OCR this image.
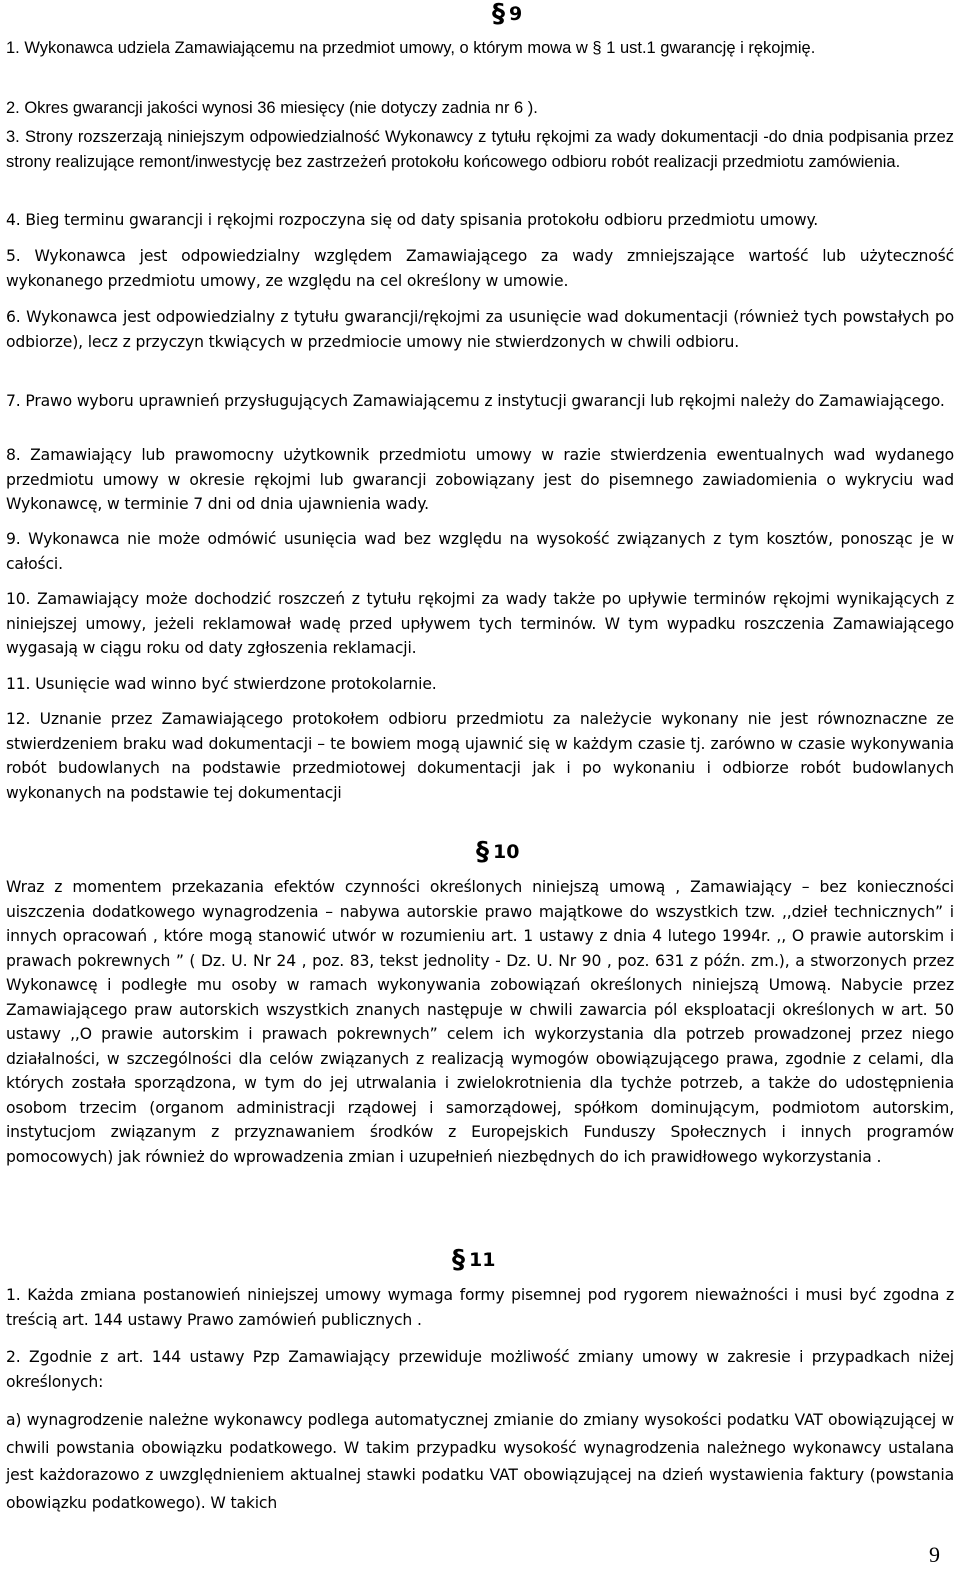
§ 9
1. Wykonawca udziela Zamawiającemu na przedmiot umowy, o którym mowa w § 1 ust.1 gwarancję i rękojmię.
2. Okres gwarancji jakości wynosi 36 miesięcy (nie dotyczy zadnia nr 6 ).
3. Strony rozszerzają niniejszym odpowiedzialność Wykonawcy z tytułu rękojmi za wady dokumentacji -do dnia podpisania przez strony realizujące remont/inwestycję bez zastrzeżeń protokołu końcowego odbioru robót realizacji przedmiotu zamówienia.
4. Bieg terminu gwarancji i rękojmi rozpoczyna się od daty spisania protokołu odbioru przedmiotu umowy.
5. Wykonawca jest odpowiedzialny względem Zamawiającego za wady zmniejszające wartość lub użyteczność wykonanego przedmiotu umowy, ze względu na cel określony w umowie.
6. Wykonawca jest odpowiedzialny z tytułu gwarancji/rękojmi za usunięcie wad dokumentacji (również tych powstałych po odbiorze), lecz z przyczyn tkwiących w przedmiocie umowy nie stwierdzonych w chwili odbioru.
7. Prawo wyboru uprawnień przysługujących Zamawiającemu z instytucji gwarancji lub rękojmi należy do Zamawiającego.
8. Zamawiający lub prawomocny użytkownik przedmiotu umowy w razie stwierdzenia ewentualnych wad wydanego przedmiotu umowy w okresie rękojmi lub gwarancji zobowiązany jest do pisemnego zawiadomienia o wykryciu wad Wykonawcę, w terminie 7 dni od dnia ujawnienia wady.
9. Wykonawca nie może odmówić usunięcia wad bez względu na wysokość związanych z tym kosztów, ponosząc je w całości.
10. Zamawiający może dochodzić roszczeń z tytułu rękojmi za wady także po upływie terminów rękojmi wynikających z niniejszej umowy, jeżeli reklamował wadę przed upływem tych terminów. W tym wypadku roszczenia Zamawiającego wygasają w ciągu roku od daty zgłoszenia reklamacji.
11. Usunięcie wad winno być stwierdzone protokolarnie.
12. Uznanie przez Zamawiającego protokołem odbioru przedmiotu za należycie wykonany nie jest równoznaczne ze stwierdzeniem braku wad dokumentacji – te bowiem mogą ujawnić się w każdym czasie tj. zarówno w czasie wykonywania robót budowlanych na podstawie przedmiotowej dokumentacji jak i po wykonaniu i odbiorze robót budowlanych wykonanych na podstawie tej dokumentacji
§ 10
Wraz z momentem przekazania efektów czynności określonych niniejszą umową , Zamawiający – bez konieczności uiszczenia dodatkowego wynagrodzenia – nabywa autorskie prawo majątkowe do wszystkich tzw. ,,dzieł technicznych” i innych opracowań , które mogą stanowić utwór w rozumieniu art. 1 ustawy z dnia 4 lutego 1994r. ,, O prawie autorskim i prawach pokrewnych ” ( Dz. U. Nr 24 , poz. 83, tekst jednolity - Dz. U. Nr 90 , poz. 631 z późn. zm.), a stworzonych przez Wykonawcę i podległe mu osoby w ramach wykonywania zobowiązań określonych niniejszą Umową. Nabycie przez Zamawiającego praw autorskich wszystkich znanych następuje w chwili zawarcia pól eksploatacji określonych w art. 50 ustawy ,,O prawie autorskim i prawach pokrewnych” celem ich wykorzystania dla potrzeb prowadzonej przez niego działalności, w szczególności dla celów związanych z realizacją wymogów obowiązującego prawa, zgodnie z celami, dla których została sporządzona, w tym do jej utrwalania i zwielokrotnienia dla tychże potrzeb, a także do udostępnienia osobom trzecim (organom administracji rządowej i samorządowej, spółkom dominującym, podmiotom autorskim, instytucjom związanym z przyznawaniem środków z Europejskich Funduszy Społecznych i innych programów pomocowych) jak również do wprowadzenia zmian i uzupełnień niezbędnych do ich prawidłowego wykorzystania .
§ 11
1. Każda zmiana postanowień niniejszej umowy wymaga formy pisemnej pod rygorem nieważności i musi być zgodna z treścią art. 144 ustawy Prawo zamówień publicznych .
2. Zgodnie z art. 144 ustawy Pzp Zamawiający przewiduje możliwość zmiany umowy w zakresie i przypadkach niżej określonych:
a) wynagrodzenie należne wykonawcy podlega automatycznej zmianie do zmiany wysokości podatku VAT obowiązującej w chwili powstania obowiązku podatkowego. W takim przypadku wysokość wynagrodzenia należnego wykonawcy ustalana jest każdorazowo z uwzględnieniem aktualnej stawki podatku VAT obowiązującej na dzień wystawienia faktury (powstania obowiązku podatkowego). W takich
9
